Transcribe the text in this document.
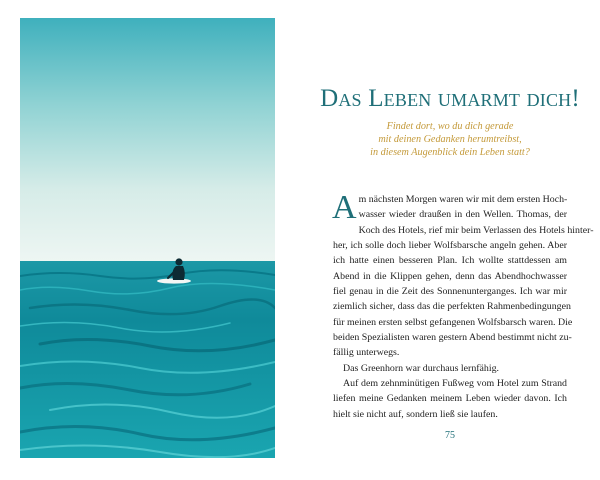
Das Leben umarmt dich!
Findet dort, wo du dich gerade
mit deinen Gedanken herumtreibst,
in diesem Augenblick dein Leben statt?
A m nächsten Morgen waren wir mit dem ersten Hoch-
wasser wieder draußen in den Wellen. Thomas, der
Koch des Hotels, rief mir beim Verlassen des Hotels hinter-
her, ich solle doch lieber Wolfsbarsche angeln gehen. Aber
ich hatte einen besseren Plan. Ich wollte stattdessen am
Abend in die Klippen gehen, denn das Abendhochwasser
fiel genau in die Zeit des Sonnenunterganges. Ich war mir
ziemlich sicher, dass das die perfekten Rahmenbedingungen
für meinen ersten selbst gefangenen Wolfsbarsch waren. Die
beiden Spezialisten waren gestern Abend bestimmt nicht zu-
fällig unterwegs.
Das Greenhorn war durchaus lernfähig.
Auf dem zehnminütigen Fußweg vom Hotel zum Strand
liefen meine Gedanken meinem Leben wieder davon. Ich
hielt sie nicht auf, sondern ließ sie laufen.
75
